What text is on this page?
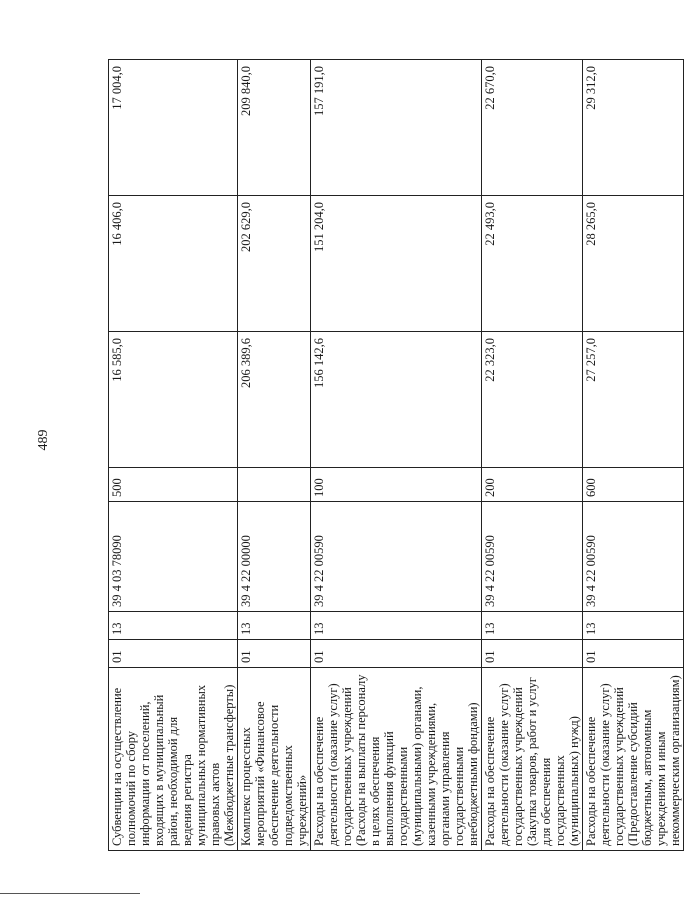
489
Субвенции на осуществление полномочий по сбору информации от поселений, входящих в муниципальный район, необходимой для ведения регистра муниципальных нормативных правовых актов (Межбюджетные трансферты)	01	13	39 4 03 78090	500	16 585,0	16 406,0	17 004,0
Комплекс процессных мероприятий «Финансовое обеспечение деятельности подведомственных учреждений»	01	13	39 4 22 00000		206 389,6	202 629,0	209 840,0
Расходы на обеспечение деятельности (оказание услуг) государственных учреждений (Расходы на выплаты персоналу в целях обеспечения выполнения функций государственными (муниципальными) органами, казенными учреждениями, органами управления государственными внебюджетными фондами)	01	13	39 4 22 00590	100	156 142,6	151 204,0	157 191,0
Расходы на обеспечение деятельности (оказание услуг) государственных учреждений (Закупка товаров, работ и услуг для обеспечения государственных (муниципальных) нужд)	01	13	39 4 22 00590	200	22 323,0	22 493,0	22 670,0
Расходы на обеспечение деятельности (оказание услуг) государственных учреждений (Предоставление субсидий бюджетным, автономным учреждениям и иным некоммерческим организациям)	01	13	39 4 22 00590	600	27 257,0	28 265,0	29 312,0
